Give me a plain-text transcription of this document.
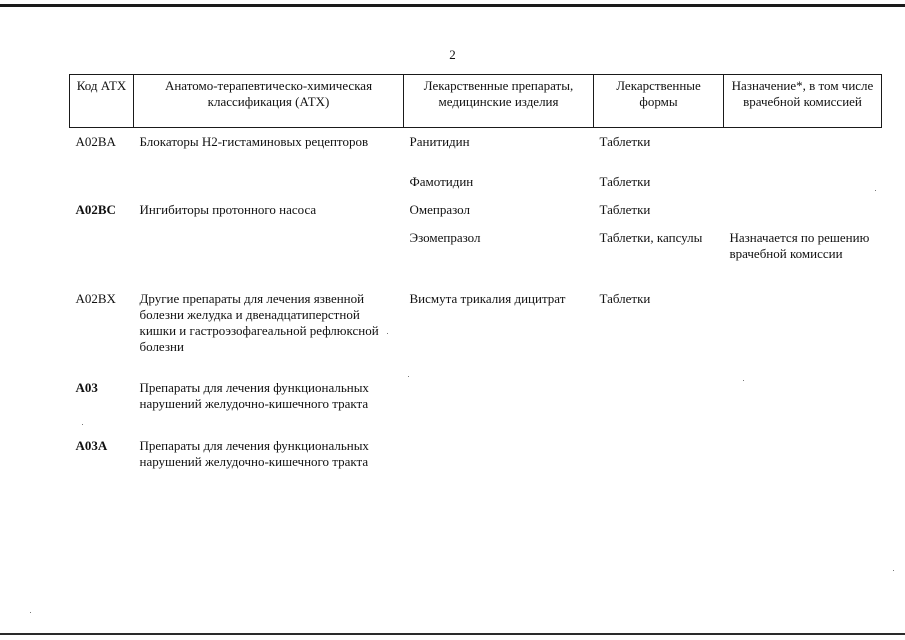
2
Код АТХ	Анатомо-терапевтическо-химическая классификация (АТХ)	Лекарственные препараты, медицинские изделия	Лекарственные формы	Назначение*, в том числе врачебной комиссией
A02BA	Блокаторы Н2-гистаминовых рецепторов	Ранитидин	Таблетки	
		Фамотидин	Таблетки	
A02BC	Ингибиторы протонного насоса	Омепразол	Таблетки	
		Эзомепразол	Таблетки, капсулы	Назначается по решению врачебной комиссии
A02BX	Другие препараты для лечения язвенной болезни желудка и двенадцатиперстной кишки и гастроэзофагеальной рефлюксной болезни	Висмута трикалия дицитрат	Таблетки	
A03	Препараты для лечения функциональных нарушений желудочно-кишечного тракта			
A03A	Препараты для лечения функциональных нарушений желудочно-кишечного тракта			
